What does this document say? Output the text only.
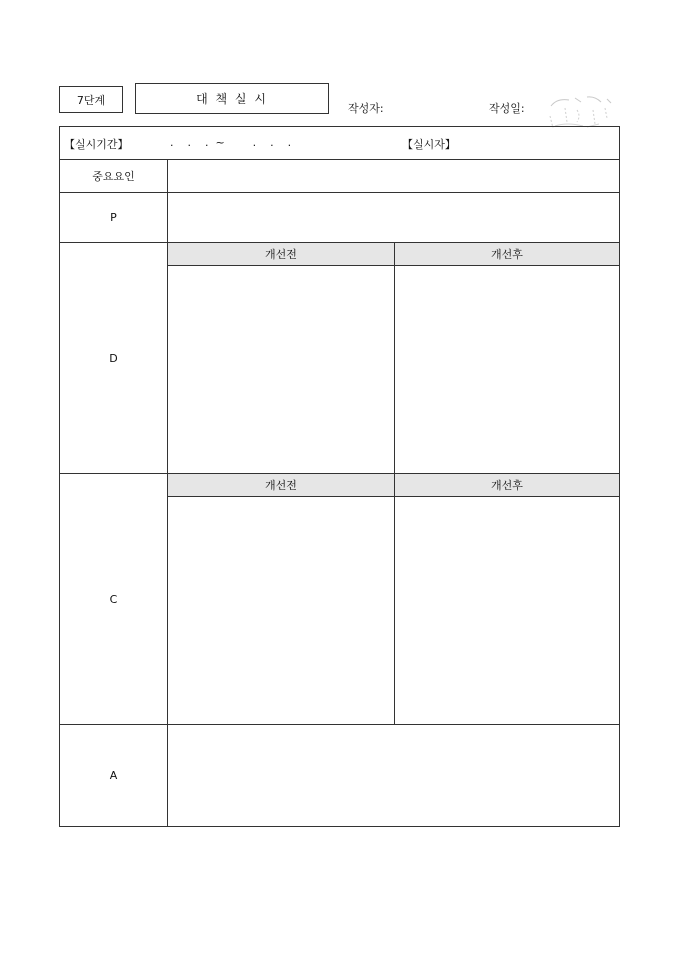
7단계	대 책 실 시
작성자:	작성일:
【실시기간】	.    .    .  ~        .    .    .	【실시자】
중요요인
P
D
개선전	개선후
C
개선전	개선후
A
